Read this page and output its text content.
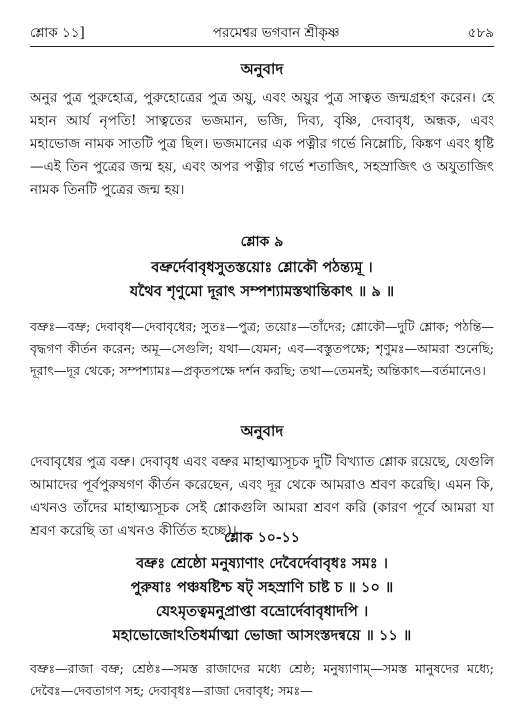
শ্লোক ১১]	পরমেশ্বর ভগবান শ্রীকৃষ্ণ	৫৮৯
অনুবাদ
অনুর পুত্র পুরুহোত্র, পুরুহোত্রের পুত্র অয়ু, এবং অয়ুর পুত্র সাত্বত জন্মগ্রহণ করেন। হে মহান আর্য নৃপতি! সাত্বতের ভজমান, ভজি, দিব্য, বৃষ্ণি, দেবাবৃধ, অন্ধক, এবং মহাভোজ নামক সাতটি পুত্র ছিল। ভজমানের এক পত্নীর গর্ভে নিম্লোচি, কিঙ্কণ এবং ধৃষ্টি—এই তিন পুত্রের জন্ম হয়, এবং অপর পত্নীর গর্ভে শতাজিৎ, সহস্রাজিৎ ও অযুতাজিৎ নামক তিনটি পুত্রের জন্ম হয়।
শ্লোক ৯
বভ্রুর্দেবাবৃধসুতস্তয়োঃ শ্লোকৌ পঠন্ত্যমূ ।
যথৈব শৃণুমো দূরাৎ সম্পশ্যামস্তথান্তিকাৎ ॥ ৯ ॥
বভ্রুঃ—বভ্রু; দেবাবৃধ—দেবাবৃধের; সুতঃ—পুত্র; তয়োঃ—তাঁদের; শ্লোকৌ—দুটি শ্লোক; পঠন্তি—বৃদ্ধগণ কীর্তন করেন; অমূ—সেগুলি; যথা—যেমন; এব—বস্তুতপক্ষে; শৃণুমঃ—আমরা শুনেছি; দূরাৎ—দূর থেকে; সম্পশ্যামঃ—প্রকৃতপক্ষে দর্শন করছি; তথা—তেমনই; অন্তিকাৎ—বর্তমানেও।
অনুবাদ
দেবাবৃধের পুত্র বভ্রু। দেবাবৃধ এবং বভ্রুর মাহাত্ম্যসূচক দুটি বিখ্যাত শ্লোক রয়েছে, যেগুলি আমাদের পূর্বপুরুষগণ কীর্তন করেছেন, এবং দূর থেকে আমরাও শ্রবণ করেছি। এমন কি, এখনও তাঁদের মাহাত্ম্যসূচক সেই শ্লোকগুলি আমরা শ্রবণ করি (কারণ পূর্বে আমরা যা শ্রবণ করেছি তা এখনও কীর্তিত হচ্ছে)।
শ্লোক ১০-১১
বভ্রুঃ শ্রেষ্ঠো মনুষ্যাণাং দেবৈর্দেবাবৃধঃ সমঃ ।
পুরুষাঃ পঞ্চষষ্টিশ্চ ষট্ সহস্রাণি চাষ্ট চ ॥ ১০ ॥
যেঽমৃতত্বমনুপ্রাপ্তা বভ্রোর্দেবাবৃধাদপি ।
মহাভোজোঽতিধর্মাত্মা ভোজা আসংস্তদন্বয়ে ॥ ১১ ॥
বভ্রুঃ—রাজা বভ্রু; শ্রেষ্ঠঃ—সমস্ত রাজাদের মধ্যে শ্রেষ্ঠ; মনুষ্যাণাম্—সমস্ত মানুষদের মধ্যে; দেবৈঃ—দেবতাগণ সহ; দেবাবৃধঃ—রাজা দেবাবৃধ; সমঃ—
